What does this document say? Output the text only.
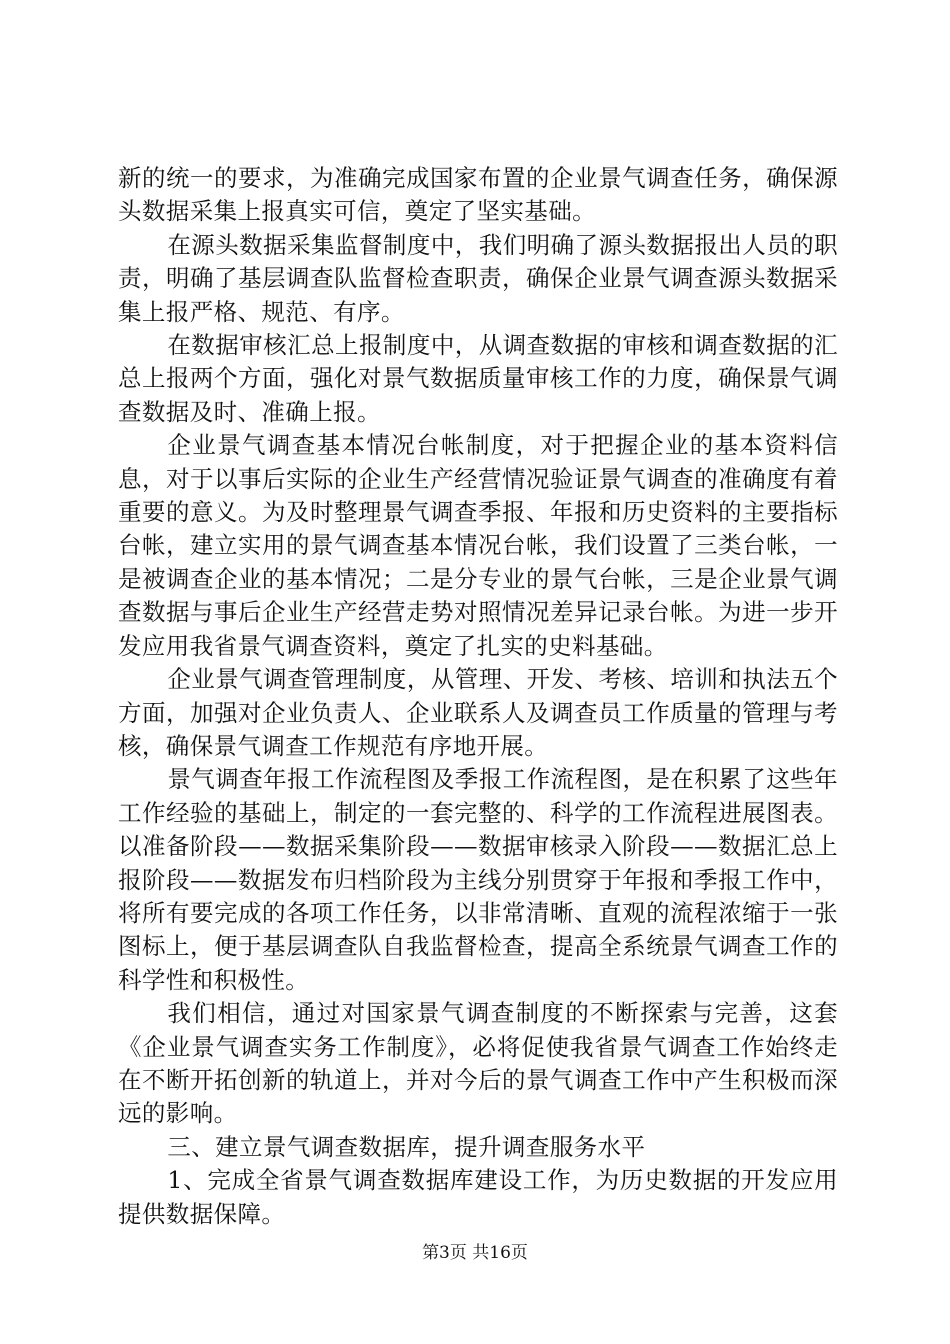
新的统一的要求，为准确完成国家布置的企业景气调查任务，确保源头数据采集上报真实可信，奠定了坚实基础。

在源头数据采集监督制度中，我们明确了源头数据报出人员的职责，明确了基层调查队监督检查职责，确保企业景气调查源头数据采集上报严格、规范、有序。

在数据审核汇总上报制度中，从调查数据的审核和调查数据的汇总上报两个方面，强化对景气数据质量审核工作的力度，确保景气调查数据及时、准确上报。

企业景气调查基本情况台帐制度，对于把握企业的基本资料信息，对于以事后实际的企业生产经营情况验证景气调查的准确度有着重要的意义。为及时整理景气调查季报、年报和历史资料的主要指标台帐，建立实用的景气调查基本情况台帐，我们设置了三类台帐，一是被调查企业的基本情况；二是分专业的景气台帐，三是企业景气调查数据与事后企业生产经营走势对照情况差异记录台帐。为进一步开发应用我省景气调查资料，奠定了扎实的史料基础。

企业景气调查管理制度，从管理、开发、考核、培训和执法五个方面，加强对企业负责人、企业联系人及调查员工作质量的管理与考核，确保景气调查工作规范有序地开展。

景气调查年报工作流程图及季报工作流程图，是在积累了这些年工作经验的基础上，制定的一套完整的、科学的工作流程进展图表。以准备阶段——数据采集阶段——数据审核录入阶段——数据汇总上报阶段——数据发布归档阶段为主线分别贯穿于年报和季报工作中，将所有要完成的各项工作任务，以非常清晰、直观的流程浓缩于一张图标上，便于基层调查队自我监督检查，提高全系统景气调查工作的科学性和积极性。

我们相信，通过对国家景气调查制度的不断探索与完善，这套《企业景气调查实务工作制度》，必将促使我省景气调查工作始终走在不断开拓创新的轨道上，并对今后的景气调查工作中产生积极而深远的影响。

三、建立景气调查数据库，提升调查服务水平

1、完成全省景气调查数据库建设工作，为历史数据的开发应用提供数据保障。

第3页 共16页
